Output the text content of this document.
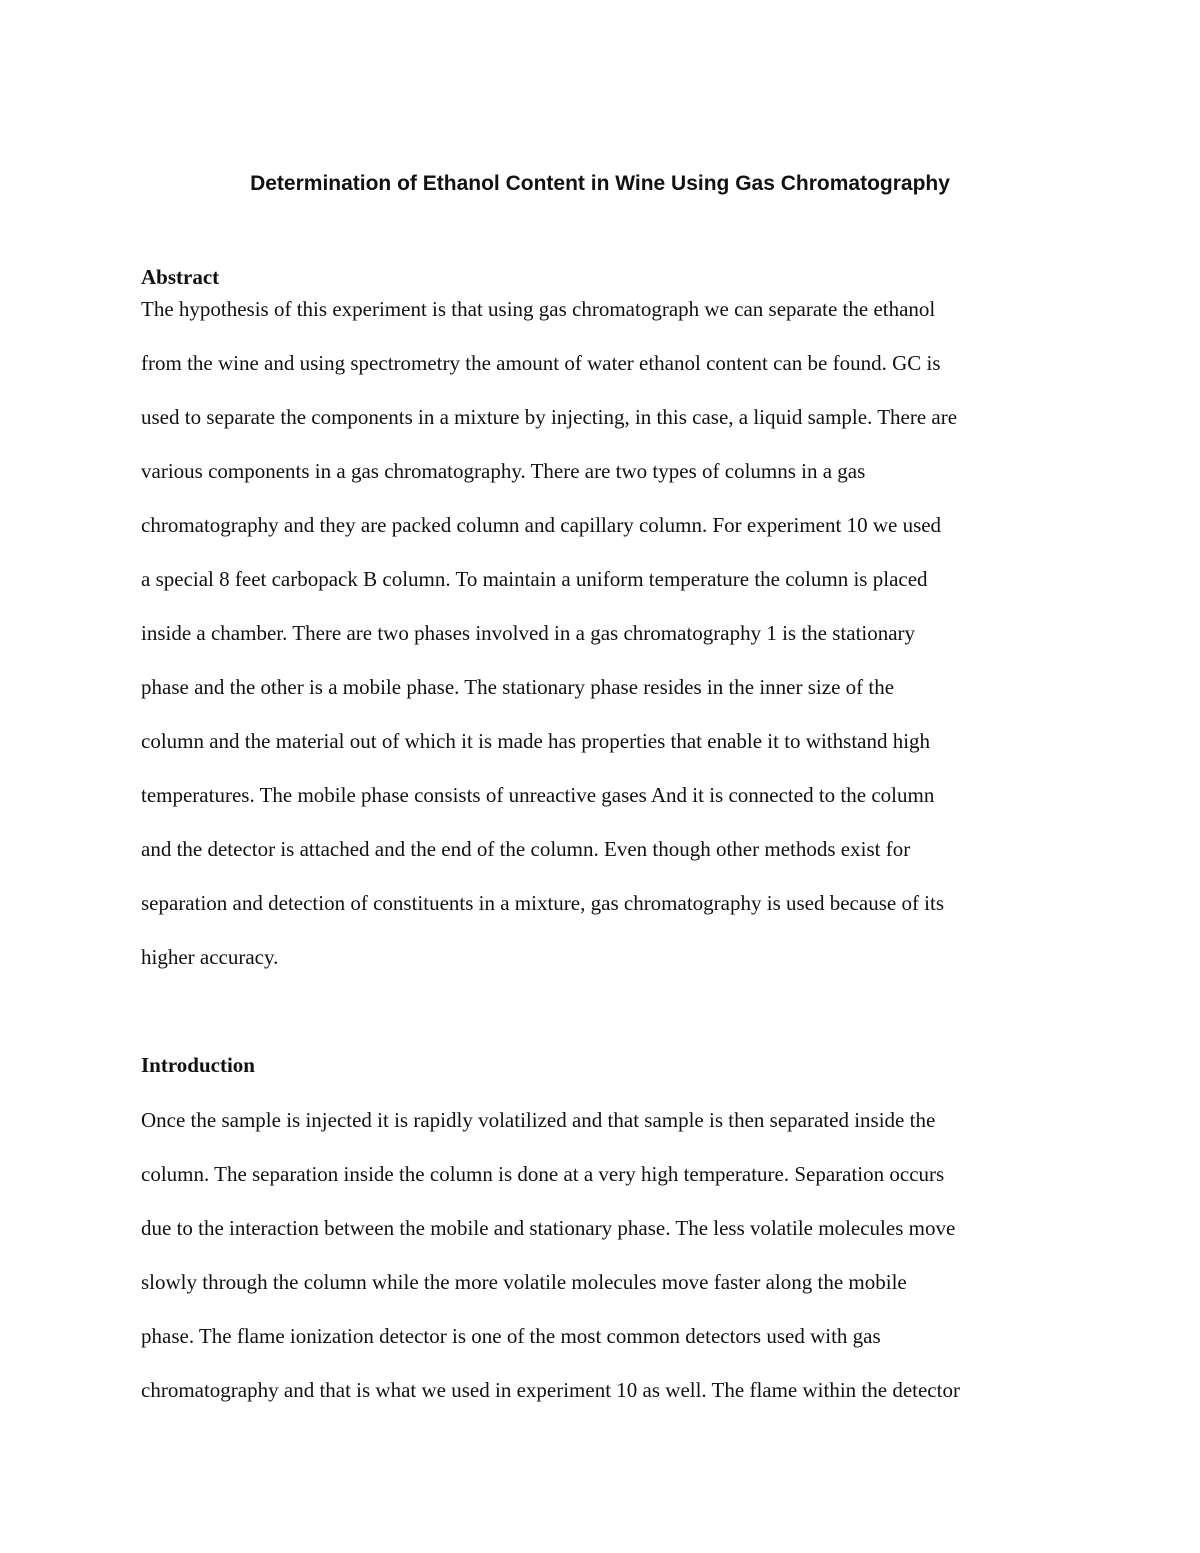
Determination of Ethanol Content in Wine Using Gas Chromatography
Abstract

The hypothesis of this experiment is that using gas chromatograph we can separate the ethanol

from the wine and using spectrometry the amount of water ethanol content can be found. GC is

used to separate the components in a mixture by injecting, in this case, a liquid sample. There are

various components in a gas chromatography. There are two types of columns in a gas

chromatography and they are packed column and capillary column. For experiment 10 we used

a special 8 feet carbopack B column. To maintain a uniform temperature the column is placed

inside a chamber. There are two phases involved in a gas chromatography 1 is the stationary

phase and the other is a mobile phase. The stationary phase resides in the inner size of the

column and the material out of which it is made has properties that enable it to withstand high

temperatures. The mobile phase consists of unreactive gases And it is connected to the column

and the detector is attached and the end of the column. Even though other methods exist for

separation and detection of constituents in a mixture, gas chromatography is used because of its

higher accuracy.

Introduction

Once the sample is injected it is rapidly volatilized and that sample is then separated inside the

column. The separation inside the column is done at a very high temperature. Separation occurs

due to the interaction between the mobile and stationary phase. The less volatile molecules move

slowly through the column while the more volatile molecules move faster along the mobile

phase. The flame ionization detector is one of the most common detectors used with gas

chromatography and that is what we used in experiment 10 as well. The flame within the detector
